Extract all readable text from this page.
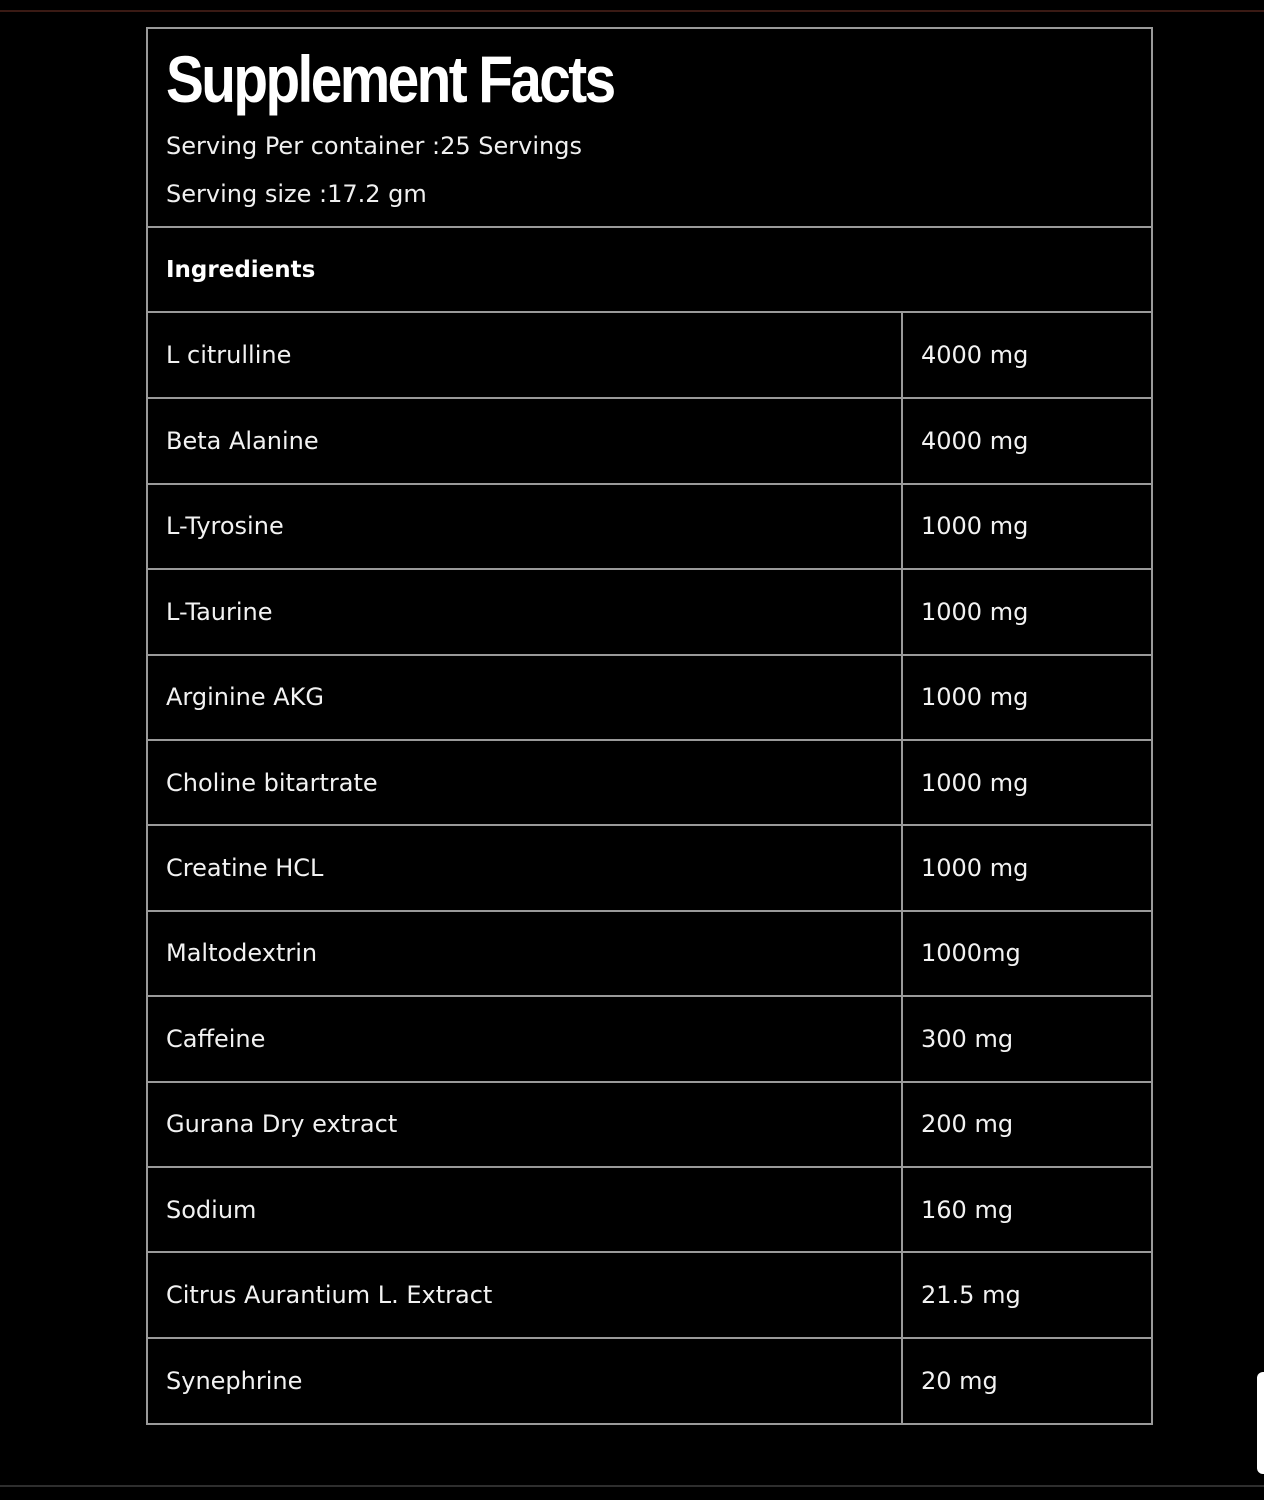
Supplement Facts
Serving Per container :25 Servings
Serving size :17.2 gm
Ingredients
L citrulline	4000 mg
Beta Alanine	4000 mg
L-Tyrosine	1000 mg
L-Taurine	1000 mg
Arginine AKG	1000 mg
Choline bitartrate	1000 mg
Creatine HCL	1000 mg
Maltodextrin	1000mg
Caffeine	300 mg
Gurana Dry extract	200 mg
Sodium	160 mg
Citrus Aurantium L. Extract	21.5 mg
Synephrine	20 mg
